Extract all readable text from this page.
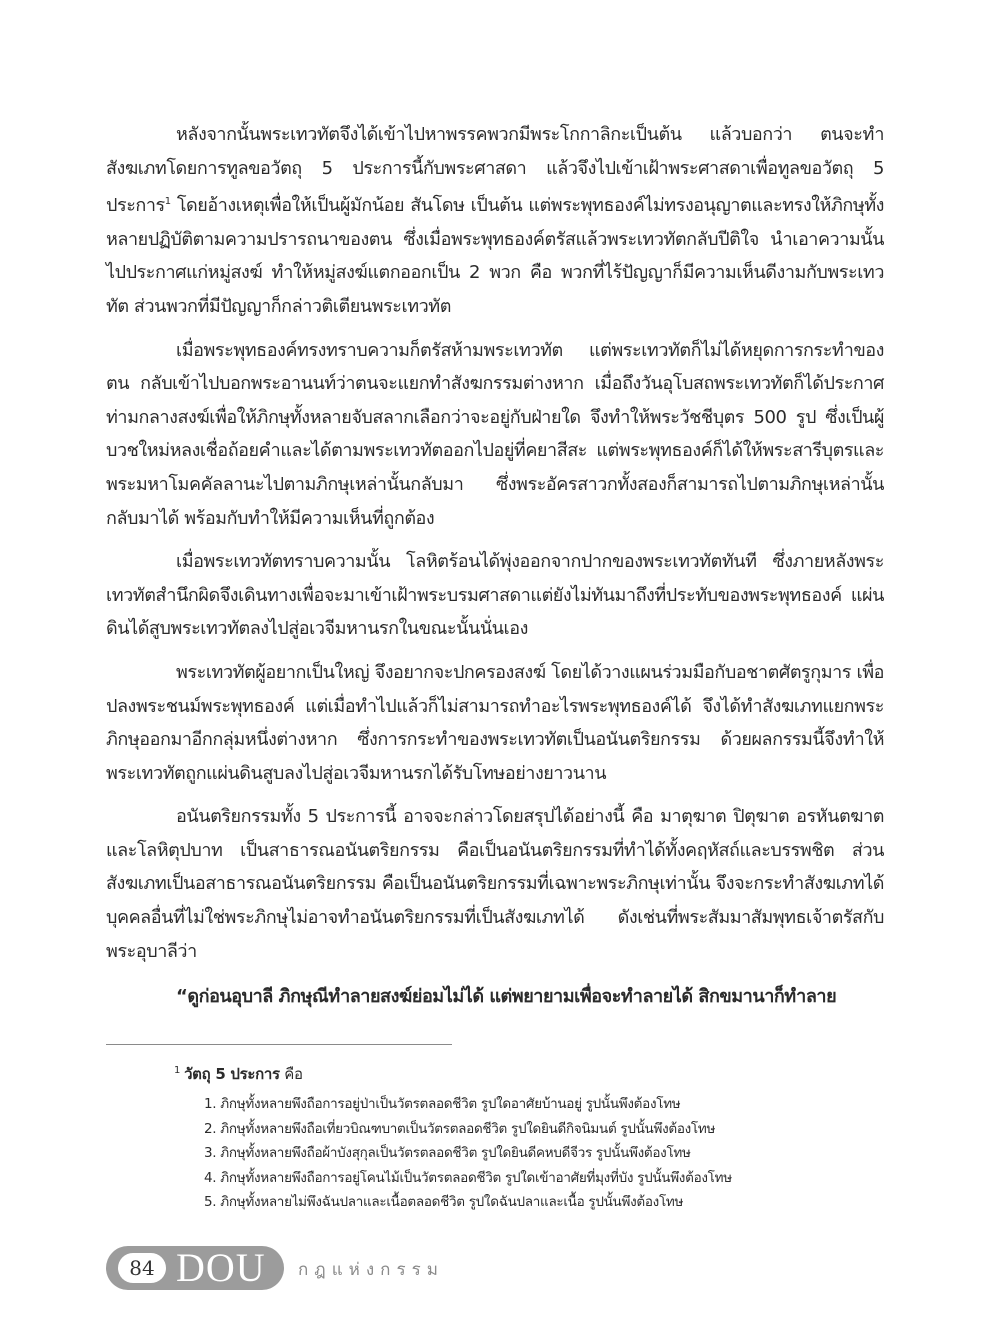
หลังจากนั้นพระเทวทัตจึงได้เข้าไปหาพรรคพวกมีพระโกกาลิกะเป็นต้น แล้วบอกว่า ตนจะทำสังฆเภทโดยการทูลขอวัตถุ 5 ประการนี้กับพระศาสดา แล้วจึงไปเข้าเฝ้าพระศาสดาเพื่อทูลขอวัตถุ 5 ประการ$^1$ โดยอ้างเหตุเพื่อให้เป็นผู้มักน้อย สันโดษ เป็นต้น แต่พระพุทธองค์ไม่ทรงอนุญาตและทรงให้ภิกษุทั้งหลายปฏิบัติตามความปรารถนาของตน ซึ่งเมื่อพระพุทธองค์ตรัสแล้วพระเทวทัตกลับปีติใจ นำเอาความนั้นไปประกาศแก่หมู่สงฆ์ ทำให้หมู่สงฆ์แตกออกเป็น 2 พวก คือ พวกที่ไร้ปัญญาก็มีความเห็นดีงามกับพระเทวทัต ส่วนพวกที่มีปัญญาก็กล่าวติเตียนพระเทวทัต

เมื่อพระพุทธองค์ทรงทราบความก็ตรัสห้ามพระเทวทัต แต่พระเทวทัตก็ไม่ได้หยุดการกระทำของตน กลับเข้าไปบอกพระอานนท์ว่าตนจะแยกทำสังฆกรรมต่างหาก เมื่อถึงวันอุโบสถพระเทวทัตก็ได้ประกาศท่ามกลางสงฆ์เพื่อให้ภิกษุทั้งหลายจับสลากเลือกว่าจะอยู่กับฝ่ายใด จึงทำให้พระวัชชีบุตร 500 รูป ซึ่งเป็นผู้บวชใหม่หลงเชื่อถ้อยคำและได้ตามพระเทวทัตออกไปอยู่ที่คยาสีสะ แต่พระพุทธองค์ก็ได้ให้พระสารีบุตรและพระมหาโมคคัลลานะไปตามภิกษุเหล่านั้นกลับมา ซึ่งพระอัครสาวกทั้งสองก็สามารถไปตามภิกษุเหล่านั้นกลับมาได้ พร้อมกับทำให้มีความเห็นที่ถูกต้อง

เมื่อพระเทวทัตทราบความนั้น โลหิตร้อนได้พุ่งออกจากปากของพระเทวทัตทันที ซึ่งภายหลังพระเทวทัตสำนึกผิดจึงเดินทางเพื่อจะมาเข้าเฝ้าพระบรมศาสดาแต่ยังไม่ทันมาถึงที่ประทับของพระพุทธองค์ แผ่นดินได้สูบพระเทวทัตลงไปสู่อเวจีมหานรกในขณะนั้นนั่นเอง

พระเทวทัตผู้อยากเป็นใหญ่ จึงอยากจะปกครองสงฆ์ โดยได้วางแผนร่วมมือกับอชาตศัตรูกุมาร เพื่อปลงพระชนม์พระพุทธองค์ แต่เมื่อทำไปแล้วก็ไม่สามารถทำอะไรพระพุทธองค์ได้ จึงได้ทำสังฆเภทแยกพระภิกษุออกมาอีกกลุ่มหนึ่งต่างหาก ซึ่งการกระทำของพระเทวทัตเป็นอนันตริยกรรม ด้วยผลกรรมนี้จึงทำให้พระเทวทัตถูกแผ่นดินสูบลงไปสู่อเวจีมหานรกได้รับโทษอย่างยาวนาน

อนันตริยกรรมทั้ง 5 ประการนี้ อาจจะกล่าวโดยสรุปได้อย่างนี้ คือ มาตุฆาต ปิตุฆาต อรหันตฆาต และโลหิตุปบาท เป็นสาธารณอนันตริยกรรม คือเป็นอนันตริยกรรมที่ทำได้ทั้งคฤหัสถ์และบรรพชิต ส่วนสังฆเภทเป็นอสาธารณอนันตริยกรรม คือเป็นอนันตริยกรรมที่เฉพาะพระภิกษุเท่านั้น จึงจะกระทำสังฆเภทได้ บุคคลอื่นที่ไม่ใช่พระภิกษุไม่อาจทำอนันตริยกรรมที่เป็นสังฆเภทได้ ดังเช่นที่พระสัมมาสัมพุทธเจ้าตรัสกับพระอุบาลีว่า

“ดูก่อนอุบาลี ภิกษุณีทำลายสงฆ์ย่อมไม่ได้ แต่พยายามเพื่อจะทำลายได้ สิกขมานาก็ทำลาย

$^1$ วัตถุ 5 ประการ คือ

1. ภิกษุทั้งหลายพึงถือการอยู่ป่าเป็นวัตรตลอดชีวิต รูปใดอาศัยบ้านอยู่ รูปนั้นพึงต้องโทษ
2. ภิกษุทั้งหลายพึงถือเที่ยวบิณฑบาตเป็นวัตรตลอดชีวิต รูปใดยินดีกิจนิมนต์ รูปนั้นพึงต้องโทษ
3. ภิกษุทั้งหลายพึงถือผ้าบังสุกุลเป็นวัตรตลอดชีวิต รูปใดยินดีคหบดีจีวร รูปนั้นพึงต้องโทษ
4. ภิกษุทั้งหลายพึงถือการอยู่โคนไม้เป็นวัตรตลอดชีวิต รูปใดเข้าอาศัยที่มุงที่บัง รูปนั้นพึงต้องโทษ
5. ภิกษุทั้งหลายไม่พึงฉันปลาและเนื้อตลอดชีวิต รูปใดฉันปลาและเนื้อ รูปนั้นพึงต้องโทษ
84 DOU กฎแห่งกรรม
